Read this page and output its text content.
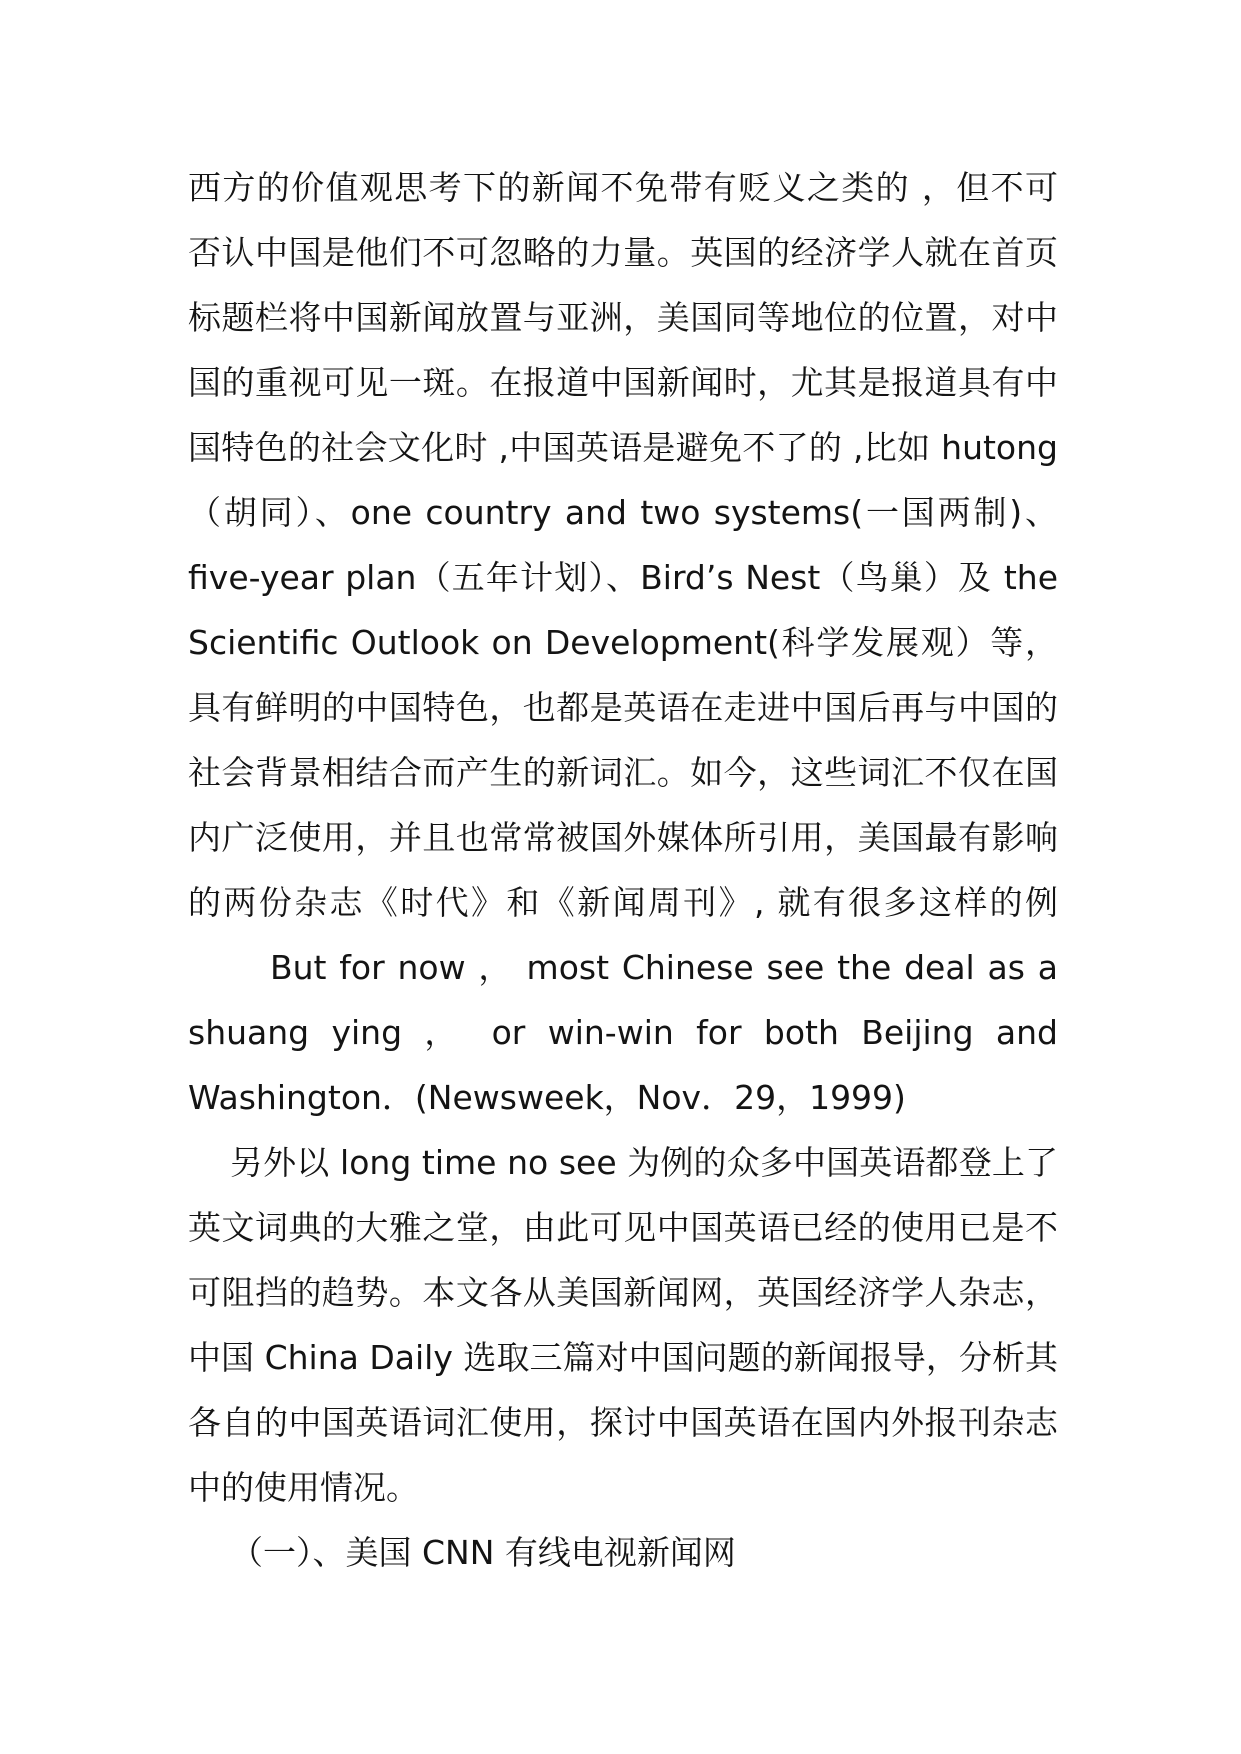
西方的价值观思考下的新闻不免带有贬义之类的 ，但不可
否认中国是他们不可忽略的力量。英国的经济学人就在首页
标题栏将中国新闻放置与亚洲，美国同等地位的位置，对中
国的重视可见一斑。在报道中国新闻时，尤其是报道具有中
国特色的社会文化时 ,中国英语是避免不了的 ,比如 hutong
（胡同）、one country and two systems(一国两制)、
five-year plan（五年计划）、Bird’s Nest（鸟巢）及 the
Scientific Outlook on Development(科学发展观）等，
具有鲜明的中国特色，也都是英语在走进中国后再与中国的
社会背景相结合而产生的新词汇。如今，这些词汇不仅在国
内广泛使用，并且也常常被国外媒体所引用，美国最有影响
的两份杂志《时代》和《新闻周刊》, 就有很多这样的例

But for now ， most Chinese see the deal as a
shuang ying ， or win-win for both Beijing and
Washington．(Newsweek，Nov．29，1999)

另外以 long time no see 为例的众多中国英语都登上了
英文词典的大雅之堂，由此可见中国英语已经的使用已是不
可阻挡的趋势。本文各从美国新闻网，英国经济学人杂志，
中国 China Daily 选取三篇对中国问题的新闻报导，分析其
各自的中国英语词汇使用，探讨中国英语在国内外报刊杂志
中的使用情况。

（一）、美国 CNN 有线电视新闻网
